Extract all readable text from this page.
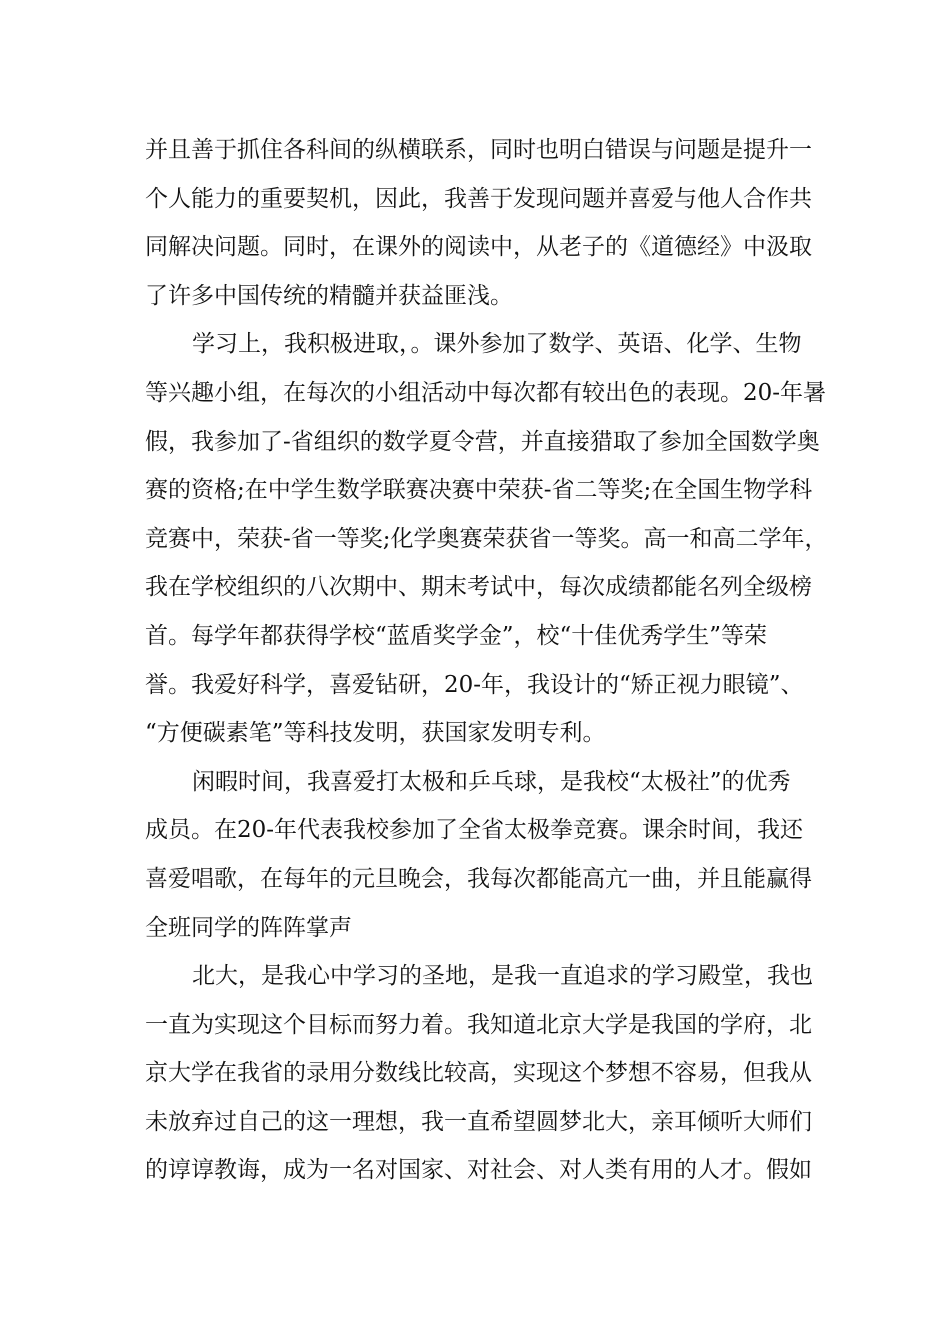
并且善于抓住各科间的纵横联系，同时也明白错误与问题是提升一
个人能力的重要契机，因此，我善于发现问题并喜爱与他人合作共
同解决问题。同时，在课外的阅读中，从老子的《道德经》中汲取
了许多中国传统的精髓并获益匪浅。
学习上，我积极进取，。课外参加了数学、英语、化学、生物
等兴趣小组，在每次的小组活动中每次都有较出色的表现。20-年暑
假，我参加了-省组织的数学夏令营，并直接猎取了参加全国数学奥
赛的资格;在中学生数学联赛决赛中荣获-省二等奖;在全国生物学科
竞赛中，荣获-省一等奖;化学奥赛荣获省一等奖。高一和高二学年，
我在学校组织的八次期中、期末考试中，每次成绩都能名列全级榜
首。每学年都获得学校“蓝盾奖学金”，校“十佳优秀学生”等荣
誉。我爱好科学，喜爱钻研，20-年，我设计的“矫正视力眼镜”、
“方便碳素笔”等科技发明，获国家发明专利。
闲暇时间，我喜爱打太极和乒乓球，是我校“太极社”的优秀
成员。在20-年代表我校参加了全省太极拳竞赛。课余时间，我还
喜爱唱歌，在每年的元旦晚会，我每次都能高亢一曲，并且能赢得
全班同学的阵阵掌声
北大，是我心中学习的圣地，是我一直追求的学习殿堂，我也
一直为实现这个目标而努力着。我知道北京大学是我国的学府，北
京大学在我省的录用分数线比较高，实现这个梦想不容易，但我从
未放弃过自己的这一理想，我一直希望圆梦北大，亲耳倾听大师们
的谆谆教诲，成为一名对国家、对社会、对人类有用的人才。假如
